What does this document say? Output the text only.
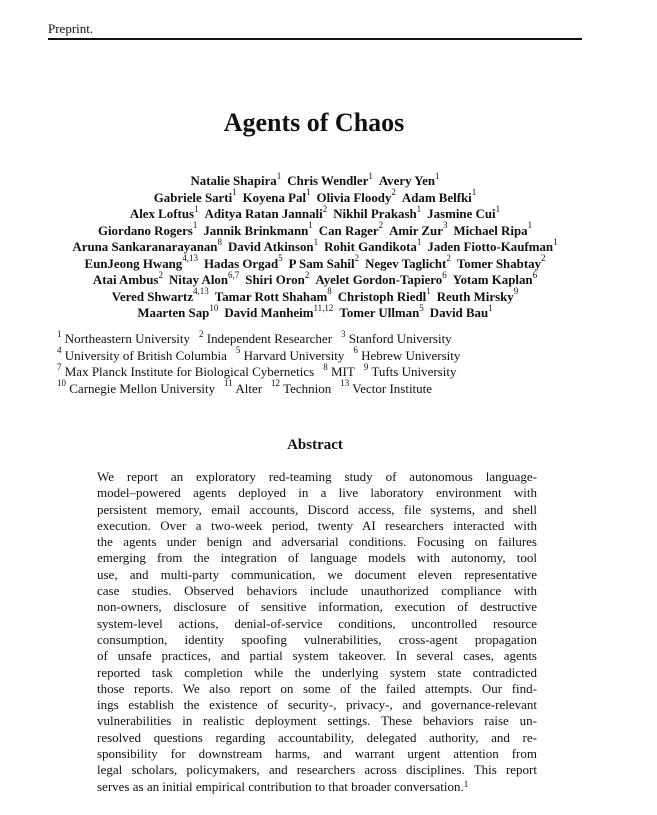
Preprint.
Agents of Chaos
Natalie Shapira$^1$ Chris Wendler$^1$ Avery Yen$^1$
Gabriele Sarti$^1$ Koyena Pal$^1$ Olivia Floody$^2$ Adam Belfki$^1$
Alex Loftus$^1$ Aditya Ratan Jannali$^2$ Nikhil Prakash$^1$ Jasmine Cui$^1$
Giordano Rogers$^1$ Jannik Brinkmann$^1$ Can Rager$^2$ Amir Zur$^3$ Michael Ripa$^1$
Aruna Sankaranarayanan$^8$ David Atkinson$^1$ Rohit Gandikota$^1$ Jaden Fiotto-Kaufman$^1$
EunJeong Hwang$^{4,13}$ Hadas Orgad$^5$ P Sam Sahil$^2$ Negev Taglicht$^2$ Tomer Shabtay$^2$
Atai Ambus$^2$ Nitay Alon$^{6,7}$ Shiri Oron$^2$ Ayelet Gordon-Tapiero$^6$ Yotam Kaplan$^6$
Vered Shwartz$^{4,13}$ Tamar Rott Shaham$^8$ Christoph Riedl$^1$ Reuth Mirsky$^9$
Maarten Sap$^{10}$ David Manheim$^{11,12}$ Tomer Ullman$^5$ David Bau$^1$
$^1$ Northeastern University $^2$ Independent Researcher $^3$ Stanford University
$^4$ University of British Columbia $^5$ Harvard University $^6$ Hebrew University
$^7$ Max Planck Institute for Biological Cybernetics $^8$ MIT $^9$ Tufts University
$^{10}$ Carnegie Mellon University $^{11}$ Alter $^{12}$ Technion $^{13}$ Vector Institute
Abstract
We report an exploratory red-teaming study of autonomous language-
model–powered agents deployed in a live laboratory environment with
persistent memory, email accounts, Discord access, file systems, and shell
execution. Over a two-week period, twenty AI researchers interacted with
the agents under benign and adversarial conditions. Focusing on failures
emerging from the integration of language models with autonomy, tool
use, and multi-party communication, we document eleven representative
case studies. Observed behaviors include unauthorized compliance with
non-owners, disclosure of sensitive information, execution of destructive
system-level actions, denial-of-service conditions, uncontrolled resource
consumption, identity spoofing vulnerabilities, cross-agent propagation
of unsafe practices, and partial system takeover. In several cases, agents
reported task completion while the underlying system state contradicted
those reports. We also report on some of the failed attempts. Our find-
ings establish the existence of security-, privacy-, and governance-relevant
vulnerabilities in realistic deployment settings. These behaviors raise un-
resolved questions regarding accountability, delegated authority, and re-
sponsibility for downstream harms, and warrant urgent attention from
legal scholars, policymakers, and researchers across disciplines. This report
serves as an initial empirical contribution to that broader conversation.$^1$
